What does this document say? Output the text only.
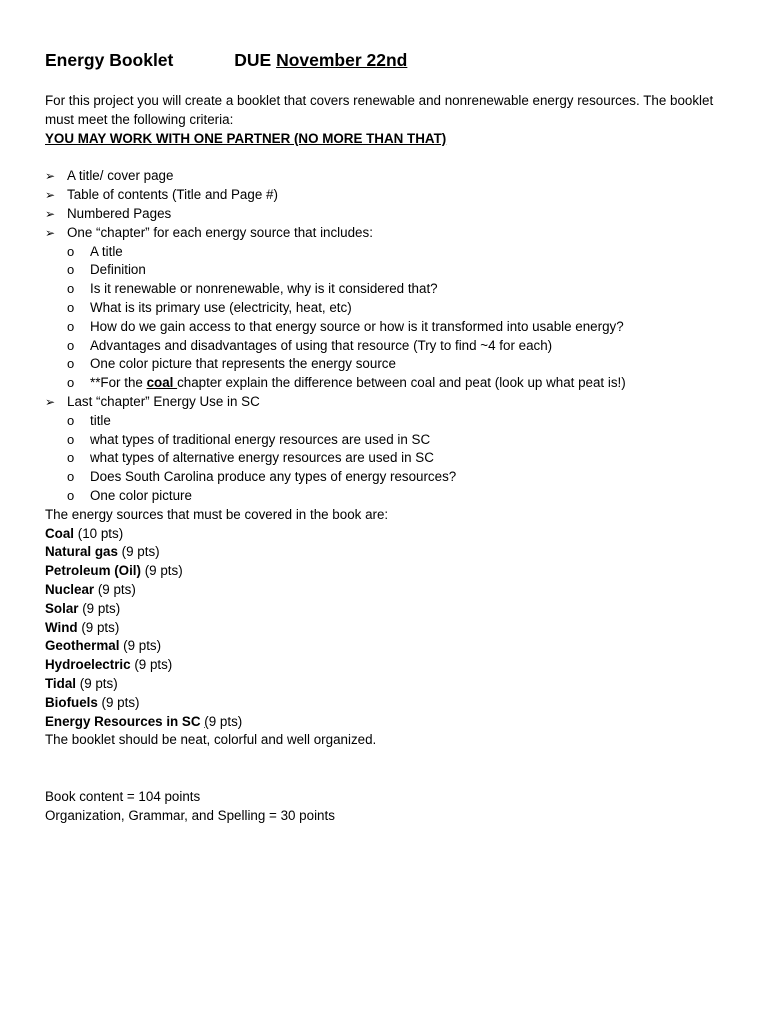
Energy Booklet	DUE November 22nd

For this project you will create a booklet that covers renewable and nonrenewable energy resources. The booklet must meet the following criteria:

YOU MAY WORK WITH ONE PARTNER (NO MORE THAN THAT)

➢ A title/ cover page
➢ Table of contents (Title and Page #)
➢ Numbered Pages
➢ One “chapter” for each energy source that includes:
o A title
o Definition
o Is it renewable or nonrenewable, why is it considered that?
o What is its primary use (electricity, heat, etc)
o How do we gain access to that energy source or how is it transformed into usable energy?
o Advantages and disadvantages of using that resource (Try to find ~4 for each)
o One color picture that represents the energy source
o **For the coal chapter explain the difference between coal and peat (look up what peat is!)
➢ Last “chapter” Energy Use in SC
o title
o what types of traditional energy resources are used in SC
o what types of alternative energy resources are used in SC
o Does South Carolina produce any types of energy resources?
o One color picture

The energy sources that must be covered in the book are:

Coal (10 pts)
Natural gas (9 pts)
Petroleum (Oil) (9 pts)
Nuclear (9 pts)
Solar (9 pts)
Wind (9 pts)
Geothermal (9 pts)
Hydroelectric (9 pts)
Tidal (9 pts)
Biofuels (9 pts)
Energy Resources in SC (9 pts)

The booklet should be neat, colorful and well organized.

Book content = 104 points

Organization, Grammar, and Spelling = 30 points
